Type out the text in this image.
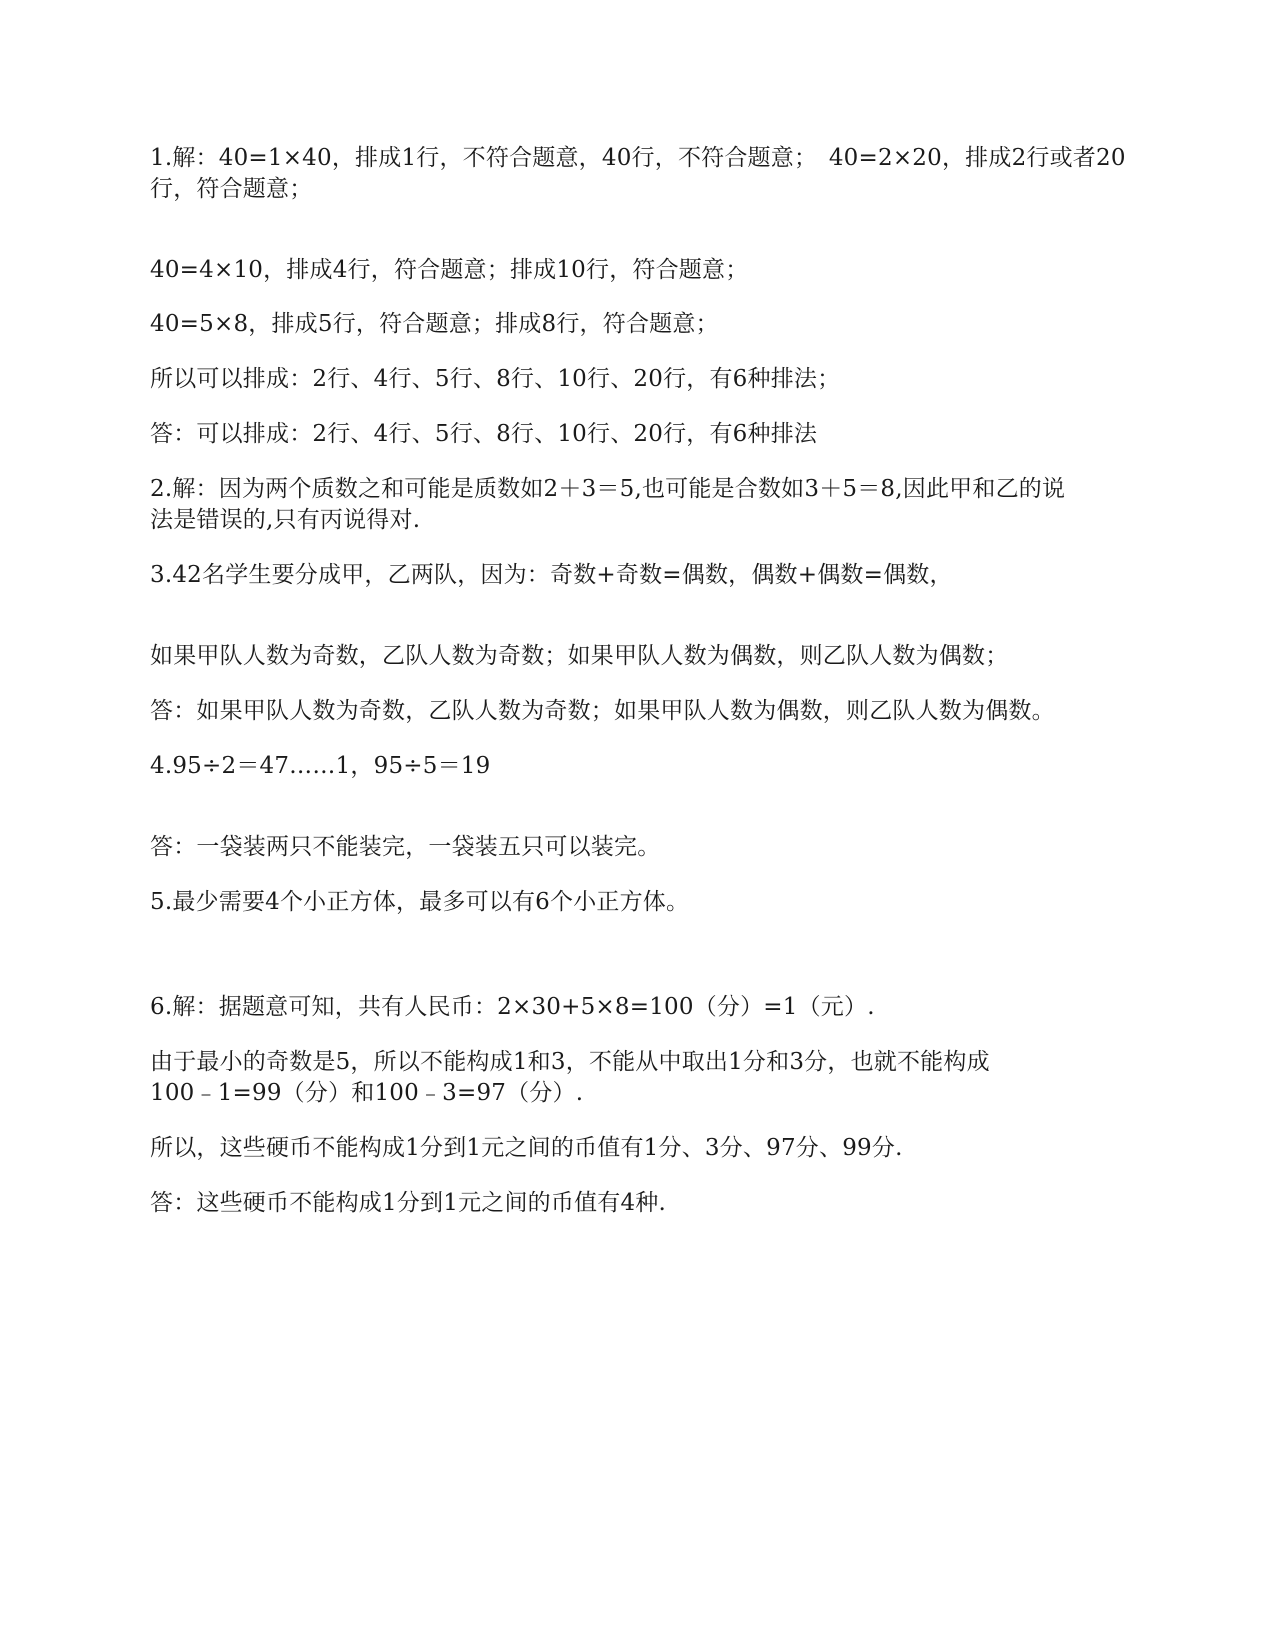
1.解：40=1×40，排成1行，不符合题意，40行，不符合题意；　40=2×20，排成2行或者20
行，符合题意；
40=4×10，排成4行，符合题意；排成10行，符合题意；
40=5×8，排成5行，符合题意；排成8行，符合题意；
所以可以排成：2行、4行、5行、8行、10行、20行，有6种排法；
答：可以排成：2行、4行、5行、8行、10行、20行，有6种排法
2.解：因为两个质数之和可能是质数如2＋3＝5,也可能是合数如3＋5＝8,因此甲和乙的说
法是错误的,只有丙说得对.
3.42名学生要分成甲，乙两队，因为：奇数+奇数=偶数，偶数+偶数=偶数，
如果甲队人数为奇数，乙队人数为奇数；如果甲队人数为偶数，则乙队人数为偶数；
答：如果甲队人数为奇数，乙队人数为奇数；如果甲队人数为偶数，则乙队人数为偶数。
4.95÷2＝47……1，95÷5＝19
答：一袋装两只不能装完，一袋装五只可以装完。
5.最少需要4个小正方体，最多可以有6个小正方体。
6.解：据题意可知，共有人民币：2×30+5×8=100（分）=1（元）.
由于最小的奇数是5，所以不能构成1和3，不能从中取出1分和3分，也就不能构成
100﹣1=99（分）和100﹣3=97（分）.
所以，这些硬币不能构成1分到1元之间的币值有1分、3分、97分、99分.
答：这些硬币不能构成1分到1元之间的币值有4种.
